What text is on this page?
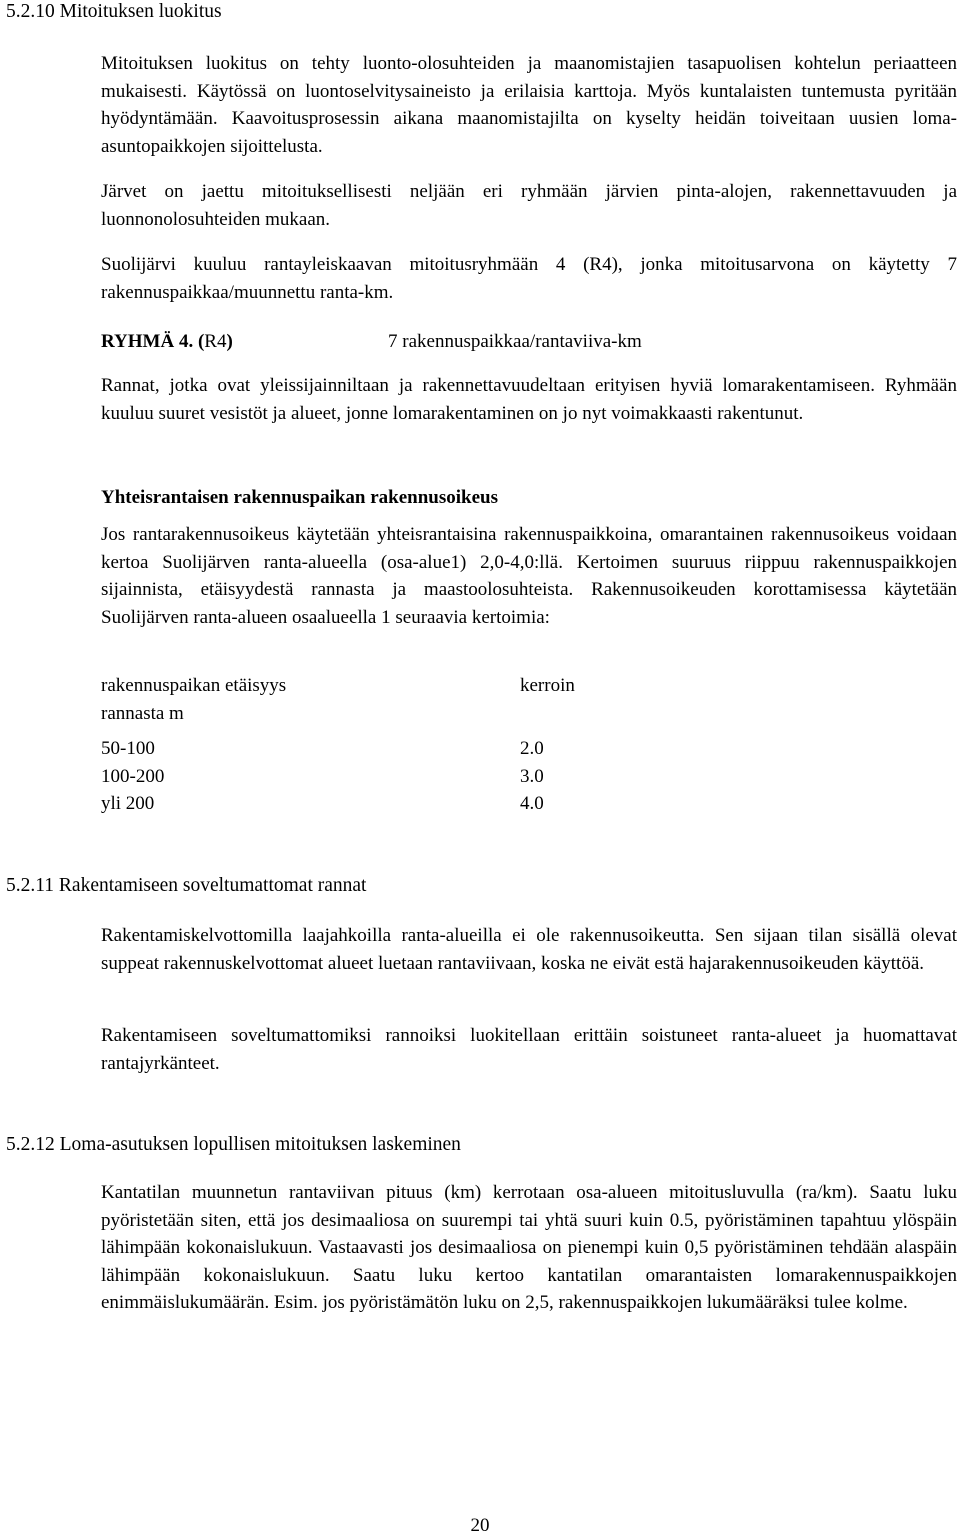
5.2.10 Mitoituksen luokitus

Mitoituksen luokitus on tehty luonto-olosuhteiden ja maanomistajien tasapuolisen kohtelun periaatteen mukaisesti. Käytössä on luontoselvitysaineisto ja erilaisia karttoja. Myös kuntalaisten tuntemusta pyritään hyödyntämään. Kaavoitusprosessin aikana maanomistajilta on kyselty heidän toiveitaan uusien loma-asuntopaikkojen sijoittelusta.

Järvet on jaettu mitoituksellisesti neljään eri ryhmään järvien pinta-alojen, rakennettavuuden ja luonnonolosuhteiden mukaan.

Suolijärvi kuuluu rantayleiskaavan mitoitusryhmään 4 (R4), jonka mitoitusarvona on käytetty 7 rakennuspaikkaa/muunnettu ranta-km.

RYHMÄ 4. (R4)	7 rakennuspaikkaa/rantaviiva-km

Rannat, jotka ovat yleissijainniltaan ja rakennettavuudeltaan erityisen hyviä lomarakentamiseen. Ryhmään kuuluu suuret vesistöt ja alueet, jonne lomarakentaminen on jo nyt voimakkaasti rakentunut.

Yhteisrantaisen rakennuspaikan rakennusoikeus

Jos rantarakennusoikeus käytetään yhteisrantaisina rakennuspaikkoina, omarantainen rakennusoikeus voidaan kertoa Suolijärven ranta-alueella (osa-alue1) 2,0-4,0:llä. Kertoimen suuruus riippuu rakennuspaikkojen sijainnista, etäisyydestä rannasta ja maastoolosuhteista. Rakennusoikeuden korottamisessa käytetään Suolijärven ranta-alueen osaalueella 1 seuraavia kertoimia:

rakennuspaikan etäisyys
rannasta m	kerroin

50-100	2.0
100-200	3.0
yli 200	4.0
5.2.11 Rakentamiseen soveltumattomat rannat

Rakentamiskelvottomilla laajahkoilla ranta-alueilla ei ole rakennusoikeutta. Sen sijaan tilan sisällä olevat suppeat rakennuskelvottomat alueet luetaan rantaviivaan, koska ne eivät estä hajarakennusoikeuden käyttöä.

Rakentamiseen soveltumattomiksi rannoiksi luokitellaan erittäin soistuneet ranta-alueet ja huomattavat rantajyrkänteet.

5.2.12 Loma-asutuksen lopullisen mitoituksen laskeminen

Kantatilan muunnetun rantaviivan pituus (km) kerrotaan osa-alueen mitoitusluvulla (ra/km). Saatu luku pyöristetään siten, että jos desimaaliosa on suurempi tai yhtä suuri kuin 0.5, pyöristäminen tapahtuu ylöspäin lähimpään kokonaislukuun. Vastaavasti jos desimaaliosa on pienempi kuin 0,5 pyöristäminen tehdään alaspäin lähimpään kokonaislukuun. Saatu luku kertoo kantatilan omarantaisten lomarakennuspaikkojen enimmäislukumäärän. Esim. jos pyöristämätön luku on 2,5, rakennuspaikkojen lukumääräksi tulee kolme.

20
